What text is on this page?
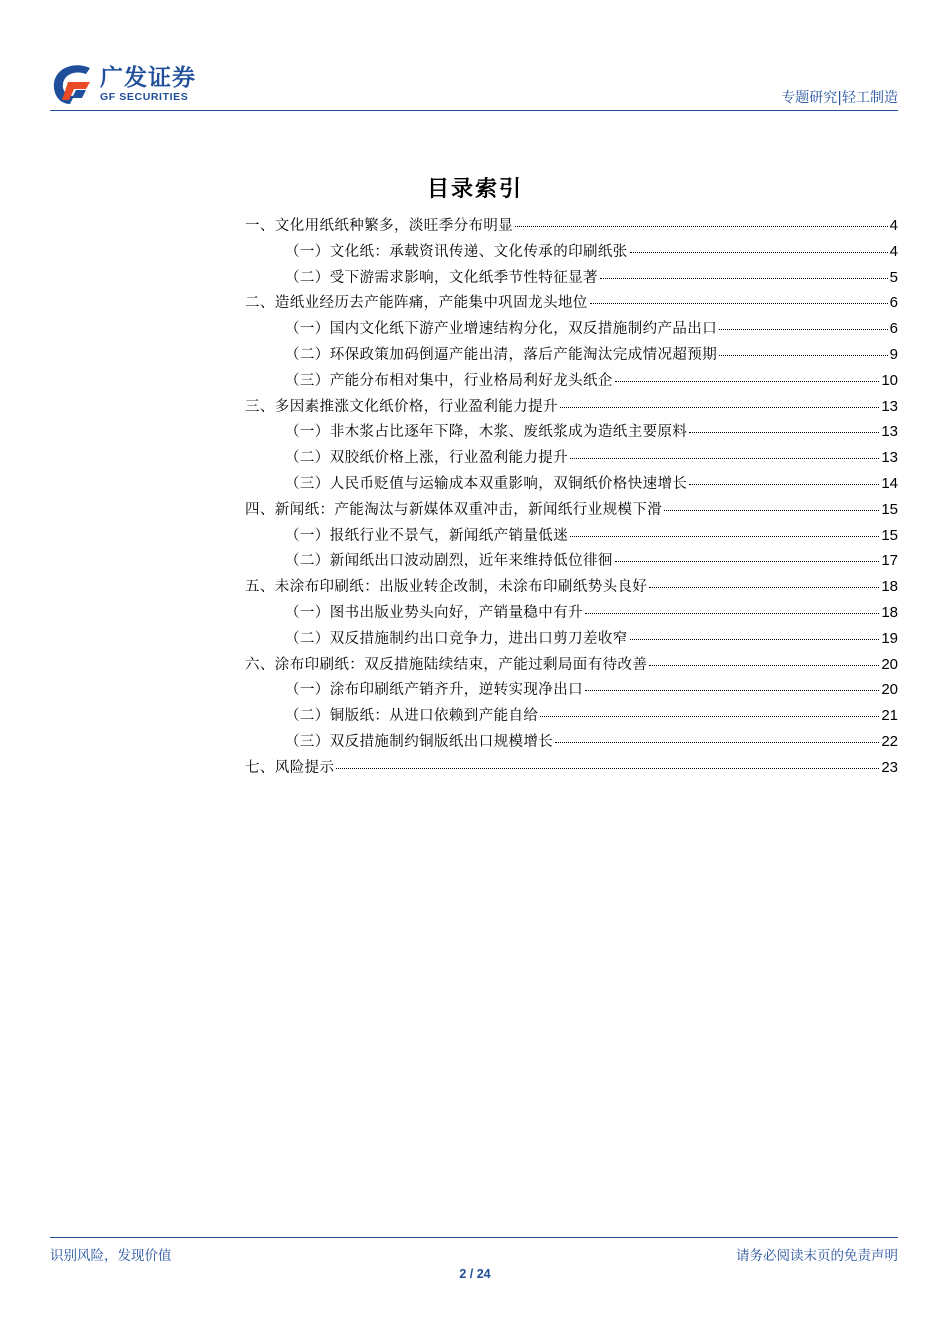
广发证券
GF SECURITIES	专题研究|轻工制造
目录索引
一、文化用纸纸种繁多，淡旺季分布明显	4
（一）文化纸：承载资讯传递、文化传承的印刷纸张	4
（二）受下游需求影响，文化纸季节性特征显著	5
二、造纸业经历去产能阵痛，产能集中巩固龙头地位	6
（一）国内文化纸下游产业增速结构分化，双反措施制约产品出口	6
（二）环保政策加码倒逼产能出清，落后产能淘汰完成情况超预期	9
（三）产能分布相对集中，行业格局利好龙头纸企	10
三、多因素推涨文化纸价格，行业盈利能力提升	13
（一）非木浆占比逐年下降，木浆、废纸浆成为造纸主要原料	13
（二）双胶纸价格上涨，行业盈利能力提升	13
（三）人民币贬值与运输成本双重影响，双铜纸价格快速增长	14
四、新闻纸：产能淘汰与新媒体双重冲击，新闻纸行业规模下滑	15
（一）报纸行业不景气，新闻纸产销量低迷	15
（二）新闻纸出口波动剧烈，近年来维持低位徘徊	17
五、未涂布印刷纸：出版业转企改制，未涂布印刷纸势头良好	18
（一）图书出版业势头向好，产销量稳中有升	18
（二）双反措施制约出口竞争力，进出口剪刀差收窄	19
六、涂布印刷纸：双反措施陆续结束，产能过剩局面有待改善	20
（一）涂布印刷纸产销齐升，逆转实现净出口	20
（二）铜版纸：从进口依赖到产能自给	21
（三）双反措施制约铜版纸出口规模增长	22
七、风险提示	23
识别风险，发现价值	请务必阅读末页的免责声明
2 / 24
